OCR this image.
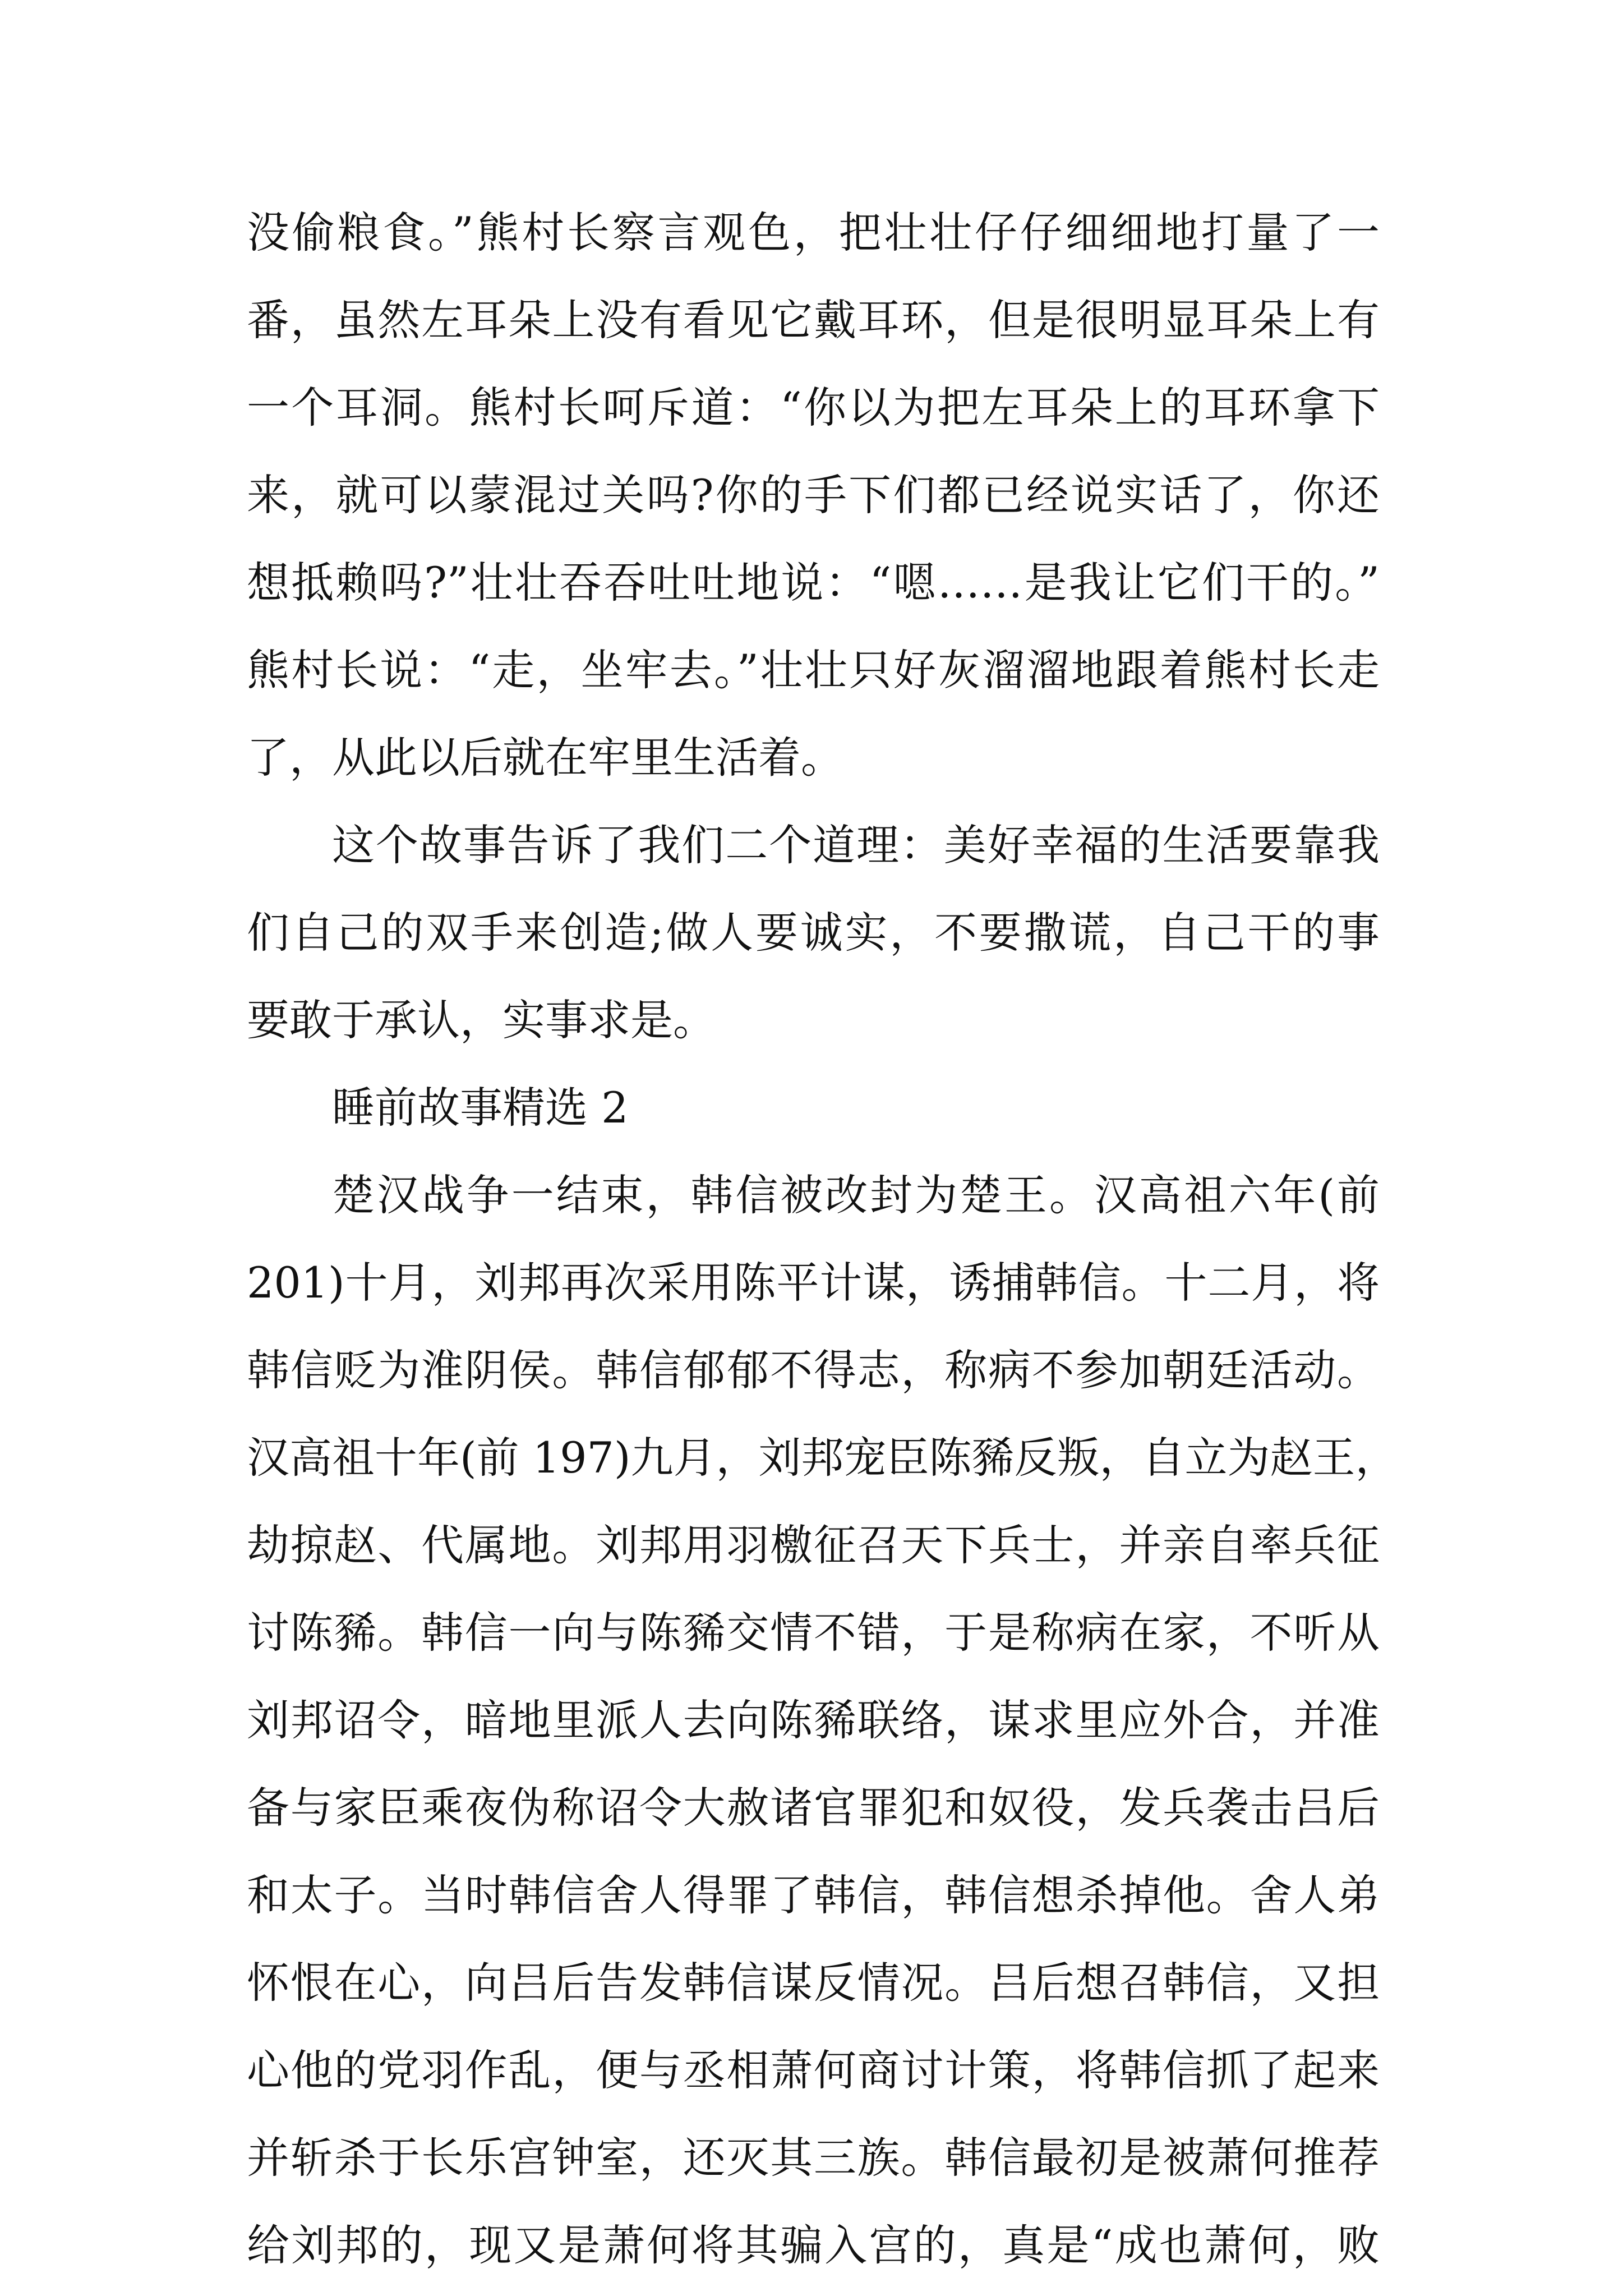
没偷粮食。”熊村长察言观色，把壮壮仔仔细细地打量了一
番，虽然左耳朵上没有看见它戴耳环，但是很明显耳朵上有
一个耳洞。熊村长呵斥道：“你以为把左耳朵上的耳环拿下
来，就可以蒙混过关吗?你的手下们都已经说实话了，你还
想抵赖吗?”壮壮吞吞吐吐地说：“嗯……是我让它们干的。”
熊村长说：“走，坐牢去。”壮壮只好灰溜溜地跟着熊村长走
了，从此以后就在牢里生活着。
这个故事告诉了我们二个道理：美好幸福的生活要靠我
们自己的双手来创造;做人要诚实，不要撒谎，自己干的事
要敢于承认，实事求是。
睡前故事精选 2
楚汉战争一结束，韩信被改封为楚王。汉高祖六年(前
201)十月，刘邦再次采用陈平计谋，诱捕韩信。十二月，将
韩信贬为淮阴侯。韩信郁郁不得志，称病不参加朝廷活动。
汉高祖十年(前 197)九月，刘邦宠臣陈豨反叛，自立为赵王，
劫掠赵、代属地。刘邦用羽檄征召天下兵士，并亲自率兵征
讨陈豨。韩信一向与陈豨交情不错，于是称病在家，不听从
刘邦诏令，暗地里派人去向陈豨联络，谋求里应外合，并准
备与家臣乘夜伪称诏令大赦诸官罪犯和奴役，发兵袭击吕后
和太子。当时韩信舍人得罪了韩信，韩信想杀掉他。舍人弟
怀恨在心，向吕后告发韩信谋反情况。吕后想召韩信，又担
心他的党羽作乱，便与丞相萧何商讨计策，将韩信抓了起来
并斩杀于长乐宫钟室，还灭其三族。韩信最初是被萧何推荐
给刘邦的，现又是萧何将其骗入宫的，真是“成也萧何，败
